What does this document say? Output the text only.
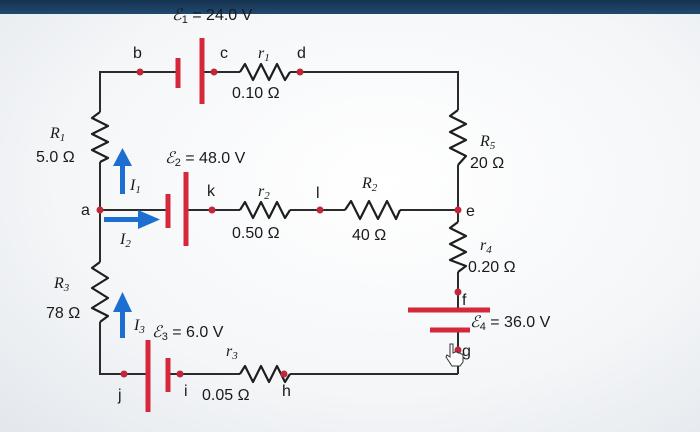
b	c	d
a
k	l
e
f
g
h
i
j
ℰ1 = 24.0 V
ℰ2 = 48.0 V
ℰ3 = 6.0 V
ℰ4 = 36.0 V
r1
0.10 Ω
r2
0.50 Ω
r3
0.05 Ω
r4
0.20 Ω
R1
5.0 Ω
R2
40 Ω
R3
78 Ω
R5
20 Ω
I1
I2
I3
